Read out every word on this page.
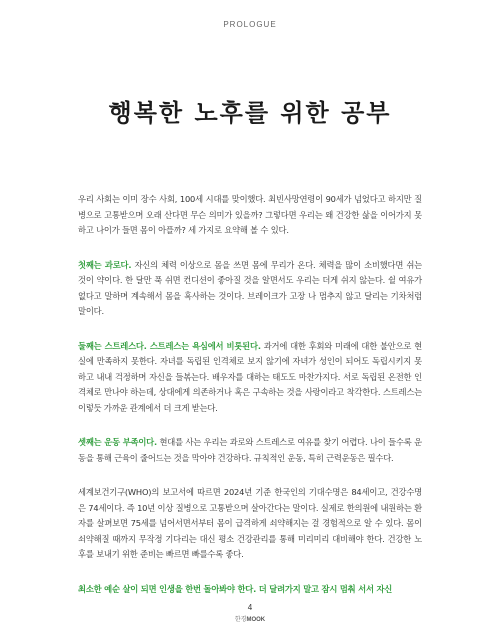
PROLOGUE
행복한 노후를 위한 공부

우리 사회는 이미 장수 사회, 100세 시대를 맞이했다. 최빈사망연령이 90세가 넘었다고 하지만 질병으로 고통받으며 오래 산다면 무슨 의미가 있을까? 그렇다면 우리는 왜 건강한 삶을 이어가지 못하고 나이가 들면 몸이 아플까? 세 가지로 요약해 볼 수 있다.

첫째는 과로다. 자신의 체력 이상으로 몸을 쓰면 몸에 무리가 온다. 체력을 많이 소비했다면 쉬는 것이 약이다. 한 달만 푹 쉬면 컨디션이 좋아질 것을 알면서도 우리는 더게 쉬지 않는다. 쉴 여유가 없다고 말하며 계속해서 몸을 혹사하는 것이다. 브레이크가 고장 나 멈추지 않고 달리는 기차처럼 말이다.

둘째는 스트레스다. 스트레스는 욕심에서 비롯된다. 과거에 대한 후회와 미래에 대한 불안으로 현실에 만족하지 못한다. 자녀를 독립된 인격체로 보지 않기에 자녀가 성인이 되어도 독립시키지 못하고 내내 걱정하며 자신을 들볶는다. 배우자를 대하는 태도도 마찬가지다. 서로 독립된 온전한 인격체로 만나야 하는데, 상대에게 의존하거나 혹은 구속하는 것을 사랑이라고 착각한다. 스트레스는 이렇듯 가까운 관계에서 더 크게 받는다.

셋째는 운동 부족이다. 현대를 사는 우리는 과로와 스트레스로 여유를 찾기 어렵다. 나이 들수록 운동을 통해 근육이 줄어드는 것을 막아야 건강하다. 규칙적인 운동, 특히 근력운동은 필수다.

세계보건기구(WHO)의 보고서에 따르면 2024년 기준 한국인의 기대수명은 84세이고, 건강수명은 74세이다. 즉 10년 이상 질병으로 고통받으며 살아간다는 말이다. 실제로 한의원에 내원하는 환자를 살펴보면 75세를 넘어서면서부터 몸이 급격하게 쇠약해지는 걸 경험적으로 알 수 있다. 몸이 쇠약해질 때까지 무작정 기다리는 대신 평소 건강관리를 통해 미리미리 대비해야 한다. 건강한 노후를 보내기 위한 준비는 빠르면 빠를수록 좋다.

최소한 예순 살이 되면 인생을 한번 돌아봐야 한다. 더 달려가지 말고 잠시 멈춰 서서 자신

4
한경MOOK
